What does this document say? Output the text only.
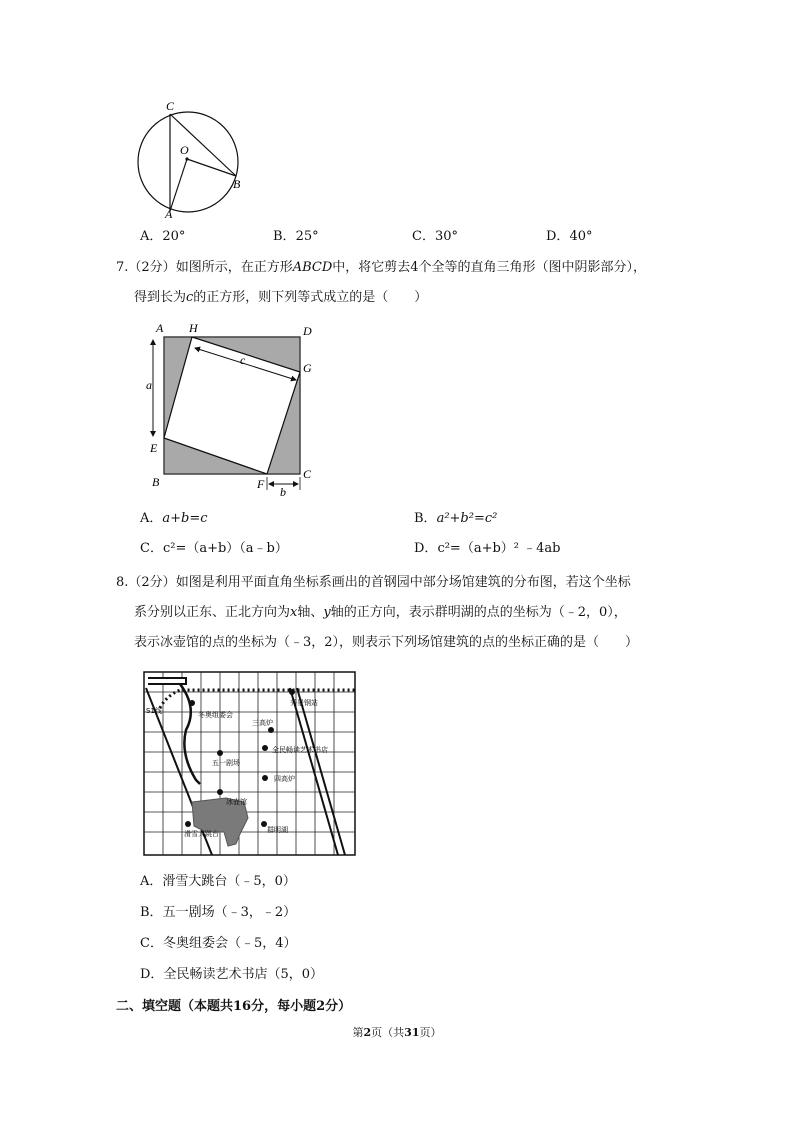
C
O
B
A
A．20°	B．25°	C．30°	D．40°
7.（2分）如图所示，在正方形ABCD中，将它剪去4个全等的直角三角形（图中阴影部分），
得到长为c的正方形，则下列等式成立的是（　　）
A H	D
G
a
c
E
B	F
b
C
A．a+b=c	B．a²+b²=c²
C．c²=（a+b）（a﹣b）	D．c²=（a+b）² ﹣4ab
8.（2分）如图是利用平面直角坐标系画出的首钢园中部分场馆建筑的分布图，若这个坐标
系分别以正东、正北方向为x轴、y轴的正方向，表示群明湖的点的坐标为（﹣2，0），
表示冰壶馆的点的坐标为（﹣3，2），则表示下列场馆建筑的点的坐标正确的是（　　）
S1线	冬奥组委会
秀景钢站
三高炉
五一剧场
全民畅读艺术书店
四高炉
冰壶馆
滑雪大跳台	群明湖
A．滑雪大跳台（﹣5，0）
B．五一剧场（﹣3，﹣2）
C．冬奥组委会（﹣5，4）
D．全民畅读艺术书店（5，0）
二、填空题（本题共16分，每小题2分）
第2页（共31页）
